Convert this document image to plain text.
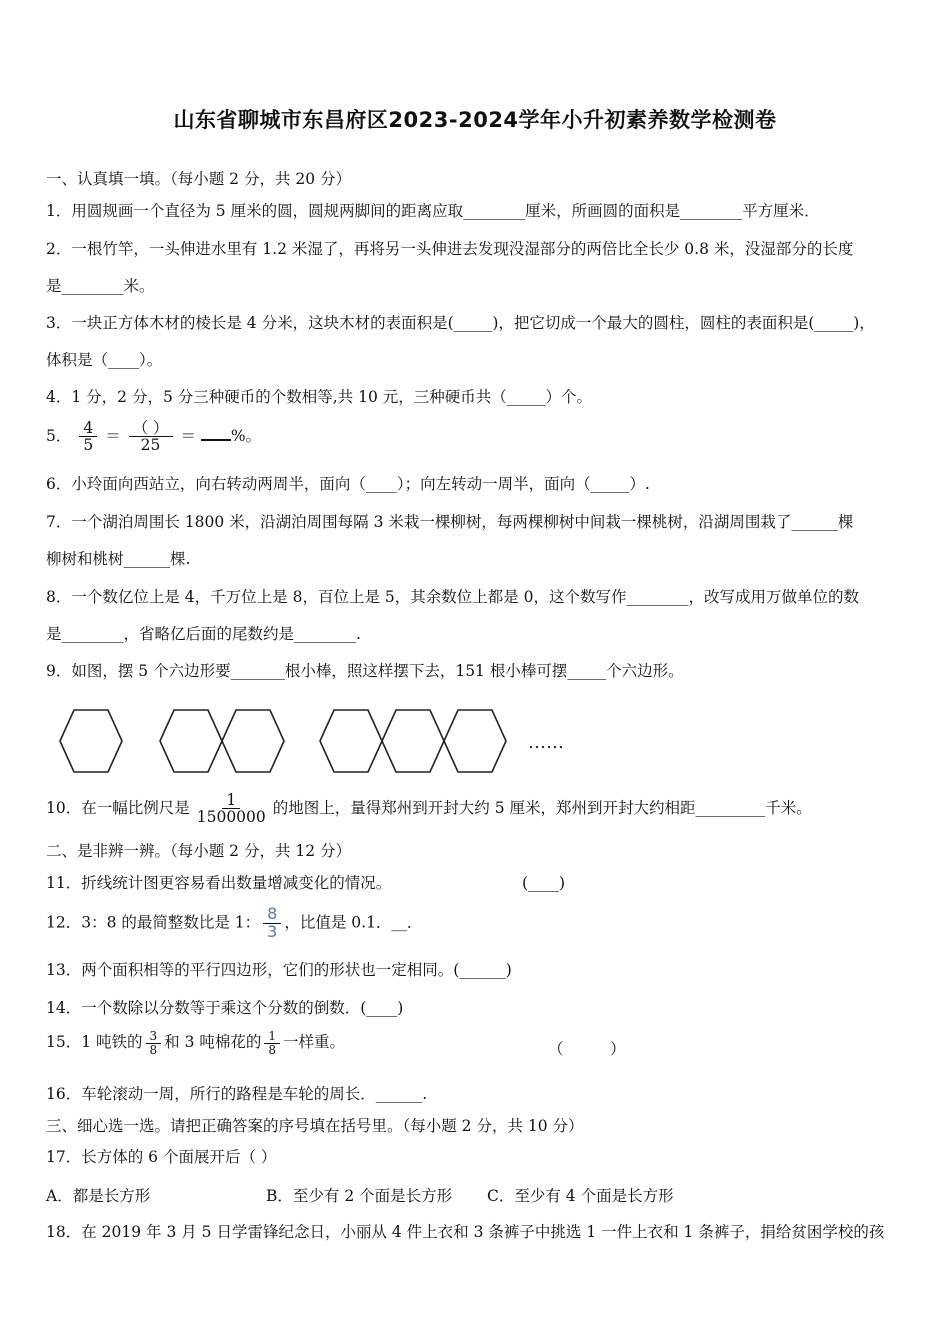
山东省聊城市东昌府区2023-2024学年小升初素养数学检测卷
一、认真填一填。（每小题 2 分，共 20 分）
1．用圆规画一个直径为 5 厘米的圆，圆规两脚间的距离应取________厘米，所画圆的面积是________平方厘米．
2．一根竹竿，一头伸进水里有 1.2 米湿了，再将另一头伸进去发现没湿部分的两倍比全长少 0.8 米，没湿部分的长度
是________米。
3．一块正方体木材的棱长是 4 分米，这块木材的表面积是(_____)，把它切成一个最大的圆柱，圆柱的表面积是(_____)，
体积是（____）。
4．1 分，2 分，5 分三种硬币的个数相等,共 10 元，三种硬币共（_____）个。
5． $\frac{4}{5} = \frac{( )}{25}$ ＝ %。
6．小玲面向西站立，向右转动两周半，面向（____）；向左转动一周半，面向（_____）.
7．一个湖泊周围长 1800 米，沿湖泊周围每隔 3 米栽一棵柳树，每两棵柳树中间栽一棵桃树，沿湖周围栽了______棵
柳树和桃树______棵.
8．一个数亿位上是 4，千万位上是 8，百位上是 5，其余数位上都是 0，这个数写作________，改写成用万做单位的数
是________，省略亿后面的尾数约是________.
9．如图，摆 5 个六边形要_______根小棒，照这样摆下去，151 根小棒可摆_____个六边形。
……
10．在一幅比例尺是 $\frac{1}{1500000}$ 的地图上，量得郑州到开封大约 5 厘米，郑州到开封大约相距_________千米。
二、是非辨一辨。（每小题 2 分，共 12 分）
11．折线统计图更容易看出数量增减变化的情况。	(____)
12．3：8 的最简整数比是 1： $\frac{8}{3}$ ，比值是 0.1．__．
13．两个面积相等的平行四边形，它们的形状也一定相同。(______)
14．一个数除以分数等于乘这个分数的倒数．(____)
15．1 吨铁的 $\frac{3}{8}$ 和 3 吨棉花的 $\frac{1}{8}$ 一样重。	（　　　）
16．车轮滚动一周，所行的路程是车轮的周长．______.
三、细心选一选。请把正确答案的序号填在括号里。（每小题 2 分，共 10 分）
17．长方体的 6 个面展开后（ ）
A．都是长方形	B．至少有 2 个面是长方形 C．至少有 4 个面是长方形
18．在 2019 年 3 月 5 日学雷锋纪念日，小丽从 4 件上衣和 3 条裤子中挑选 1 一件上衣和 1 条裤子，捐给贫困学校的孩
